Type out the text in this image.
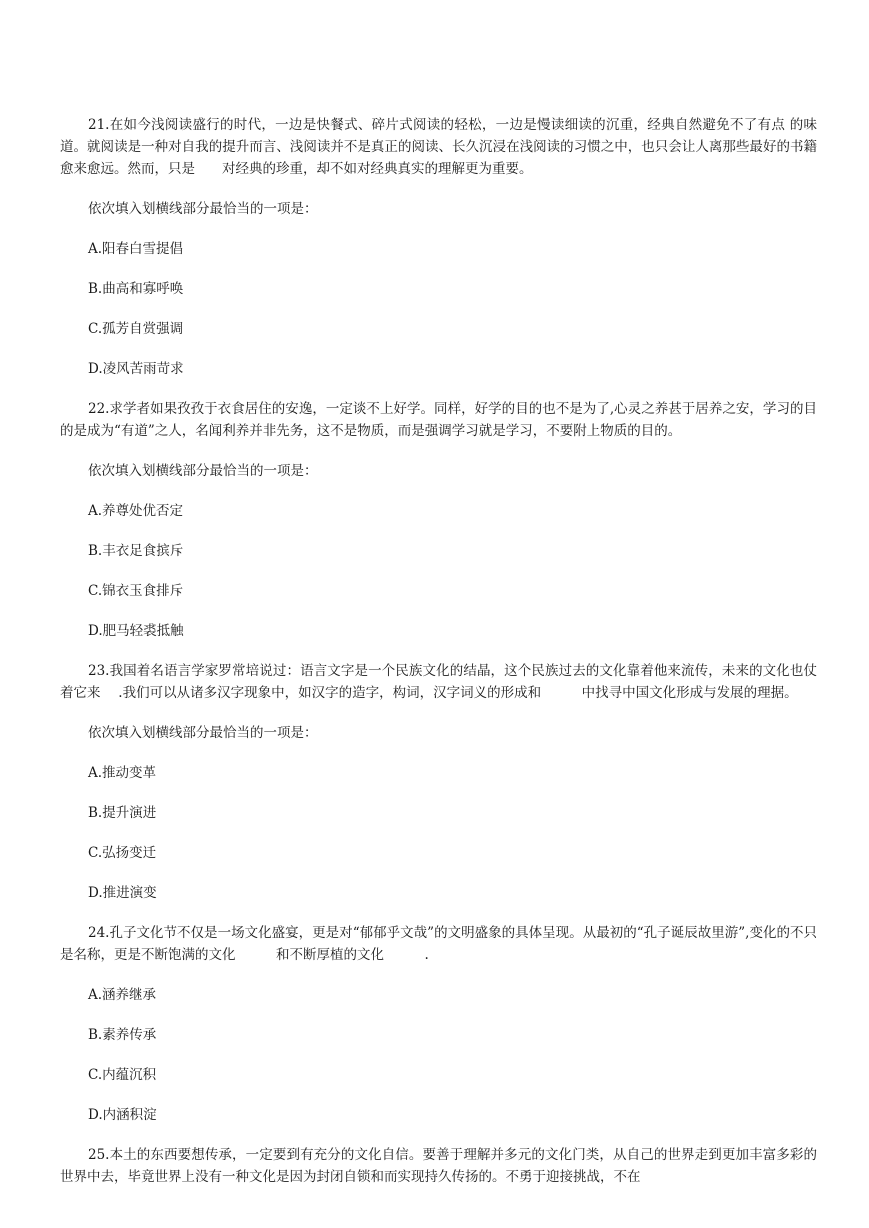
21.在如今浅阅读盛行的时代，一边是快餐式、碎片式阅读的轻松，一边是慢读细读的沉重，经典自然避免不了有点 的味道。就阅读是一种对自我的提升而言、浅阅读并不是真正的阅读、长久沉浸在浅阅读的习惯之中，也只会让人离那些最好的书籍愈来愈远。然而，只是　　对经典的珍重，却不如对经典真实的理解更为重要。

依次填入划横线部分最恰当的一项是：

A.阳春白雪提倡

B.曲高和寡呼唤

C.孤芳自赏强调

D.凌风苦雨苛求

22.求学者如果孜孜于衣食居住的安逸，一定谈不上好学。同样，好学的目的也不是为了,心灵之养甚于居养之安，学习的目的是成为“有道”之人，名闻利养并非先务，这不是物质，而是强调学习就是学习，不要附上物质的目的。

依次填入划横线部分最恰当的一项是：

A.养尊处优否定

B.丰衣足食摈斥

C.锦衣玉食排斥

D.肥马轻裘抵触

23.我国着名语言学家罗常培说过：语言文字是一个民族文化的结晶，这个民族过去的文化靠着他来流传，未来的文化也仗着它来　 .我们可以从诸多汉字现象中，如汉字的造字，构词，汉字词义的形成和　　　中找寻中国文化形成与发展的理据。

依次填入划横线部分最恰当的一项是：

A.推动变革

B.提升演进

C.弘扬变迁

D.推进演变

24.孔子文化节不仅是一场文化盛宴，更是对“郁郁乎文哉”的文明盛象的具体呈现。从最初的“孔子诞辰故里游”,变化的不只是名称，更是不断饱满的文化　　　和不断厚植的文化　　　.

A.涵养继承

B.素养传承

C.内蕴沉积

D.内涵积淀

25.本土的东西要想传承，一定要到有充分的文化自信。要善于理解并多元的文化门类，从自己的世界走到更加丰富多彩的世界中去，毕竟世界上没有一种文化是因为封闭自锁和而实现持久传扬的。不勇于迎接挑战，不在
